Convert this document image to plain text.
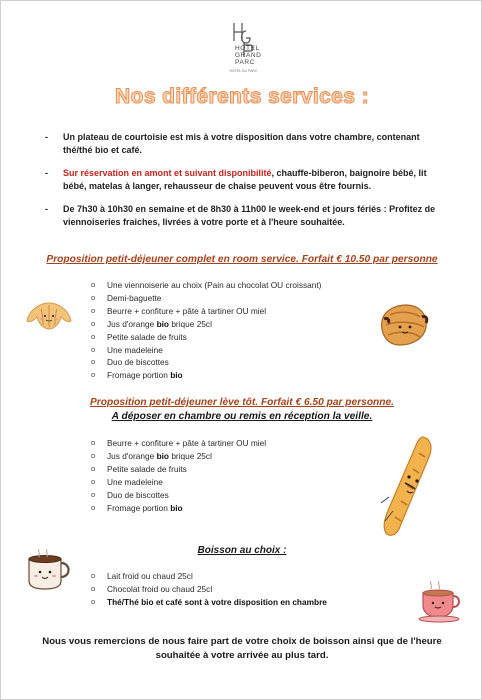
HOTEL
GRAND
PARC
HÔTEL DU PARC
Nos différents services :
-	Un plateau de courtoisie est mis à votre disposition dans votre chambre, contenant thé/thé bio et café.
-	Sur réservation en amont et suivant disponibilité, chauffe-biberon, baignoire bébé, lit bébé, matelas à langer, rehausseur de chaise peuvent vous être fournis.
-	De 7h30 à 10h30 en semaine et de 8h30 à 11h00 le week-end et jours fériés : Profitez de viennoiseries fraiches, livrées à votre porte et à l'heure souhaitée.
Proposition petit-déjeuner complet en room service. Forfait € 10.50 par personne
o Une viennoiserie au choix (Pain au chocolat OU croissant)
o Demi-baguette
o Beurre + confiture + pâte à tartiner OU miel
o Jus d'orange bio brique 25cl
o Petite salade de fruits
o Une madeleine
o Duo de biscottes
o Fromage portion bio
Proposition petit-déjeuner lève tôt. Forfait € 6.50 par personne.
A déposer en chambre ou remis en réception la veille.
o Beurre + confiture + pâte à tartiner OU miel
o Jus d'orange bio brique 25cl
o Petite salade de fruits
o Une madeleine
o Duo de biscottes
o Fromage portion bio
Boisson au choix :
o Lait froid ou chaud 25cl
o Chocolat froid ou chaud 25cl
o Thé/Thé bio et café sont à votre disposition en chambre
Nous vous remercions de nous faire part de votre choix de boisson ainsi que de l'heure souhaitée à votre arrivée au plus tard.
